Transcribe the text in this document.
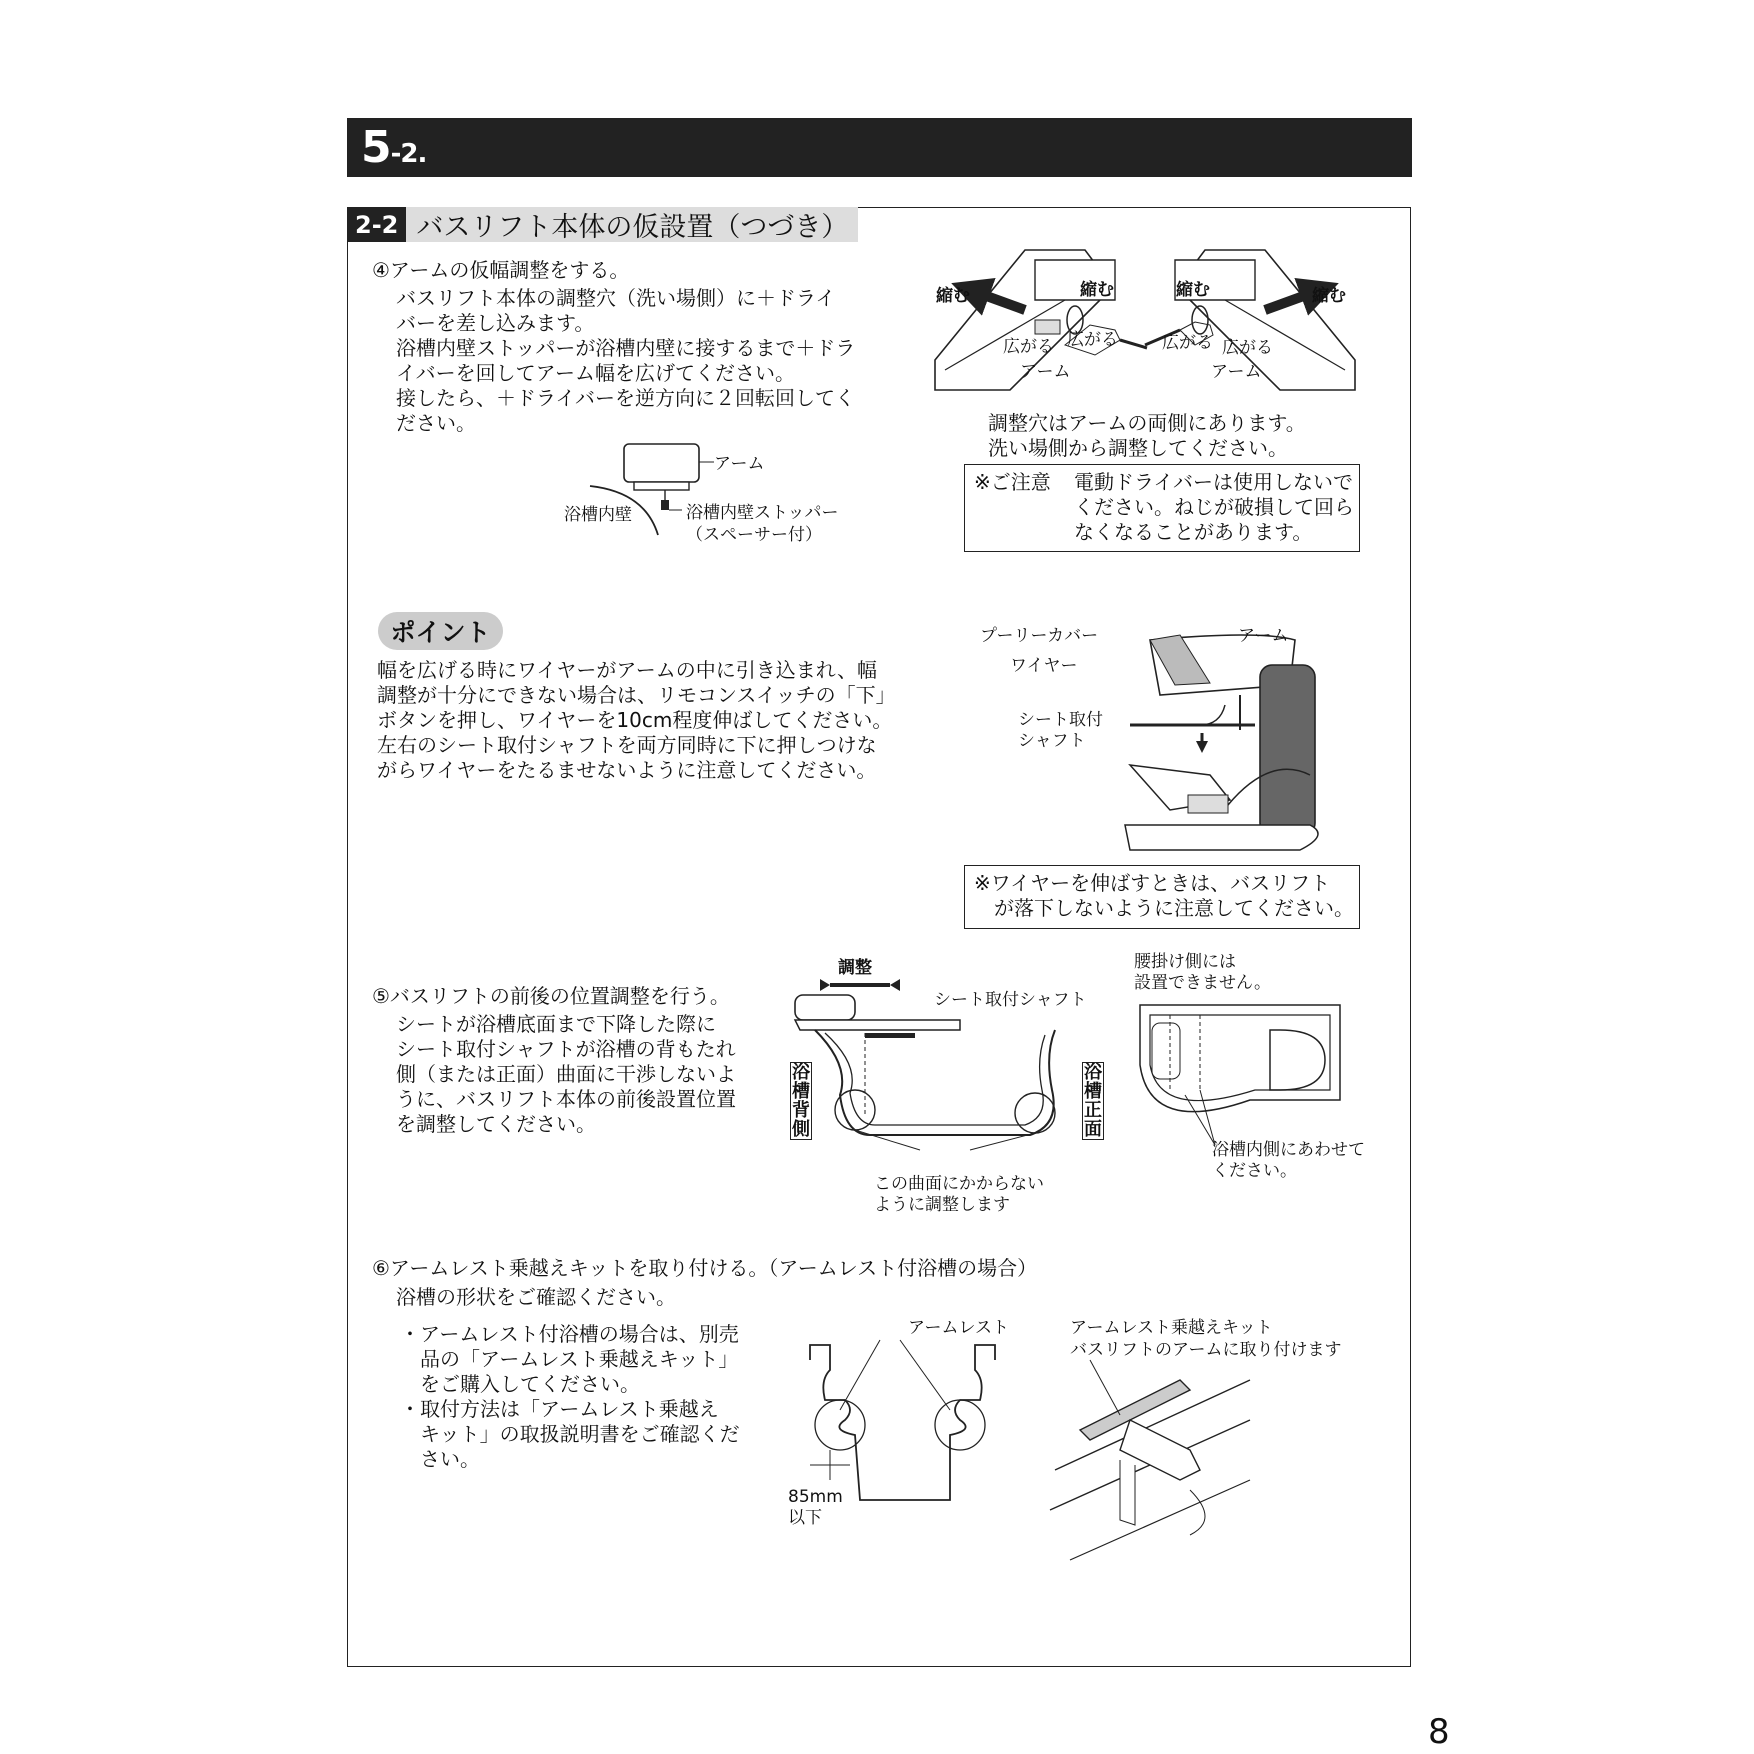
5-2.
2-2 バスリフト本体の仮設置（つづき）
④アームの仮幅調整をする。
バスリフト本体の調整穴（洗い場側）に＋ドライ
バーを差し込みます。
浴槽内壁ストッパーが浴槽内壁に接するまで＋ドラ
イバーを回してアーム幅を広げてください。
接したら、＋ドライバーを逆方向に２回転回してく
ださい。
アーム
浴槽内壁	浴槽内壁ストッパー
（スペーサー付）
縮む	縮む	縮む	縮む
広がる 広がる	広がる 広がる
アーム	アーム
調整穴はアームの両側にあります。
洗い場側から調整してください。
※ご注意 電動ドライバーは使用しないで
ください。ねじが破損して回ら
なくなることがあります。
ポイント
幅を広げる時にワイヤーがアームの中に引き込まれ、幅
調整が十分にできない場合は、リモコンスイッチの「下」
ボタンを押し、ワイヤーを10cm程度伸ばしてください。
左右のシート取付シャフトを両方同時に下に押しつけな
がらワイヤーをたるませないように注意してください。
プーリーカバー	アーム
ワイヤー
シート取付
シャフト
※ワイヤーを伸ばすときは、バスリフト
　が落下しないように注意してください。
⑤バスリフトの前後の位置調整を行う。
シートが浴槽底面まで下降した際に
シート取付シャフトが浴槽の背もたれ
側（または正面）曲面に干渉しないよ
うに、バスリフト本体の前後設置位置
を調整してください。
調整
シート取付シャフト
浴槽背側
浴槽正面
この曲面にかからない
ように調整します
腰掛け側には
設置できません。
浴槽内側にあわせて
ください。
⑥アームレスト乗越えキットを取り付ける。（アームレスト付浴槽の場合）
浴槽の形状をご確認ください。
・アームレスト付浴槽の場合は、別売
　品の「アームレスト乗越えキット」
　をご購入してください。
・取付方法は「アームレスト乗越え
　キット」の取扱説明書をご確認くだ
　さい。
アームレスト
85mm
以下
アームレスト乗越えキット
バスリフトのアームに取り付けます
8
